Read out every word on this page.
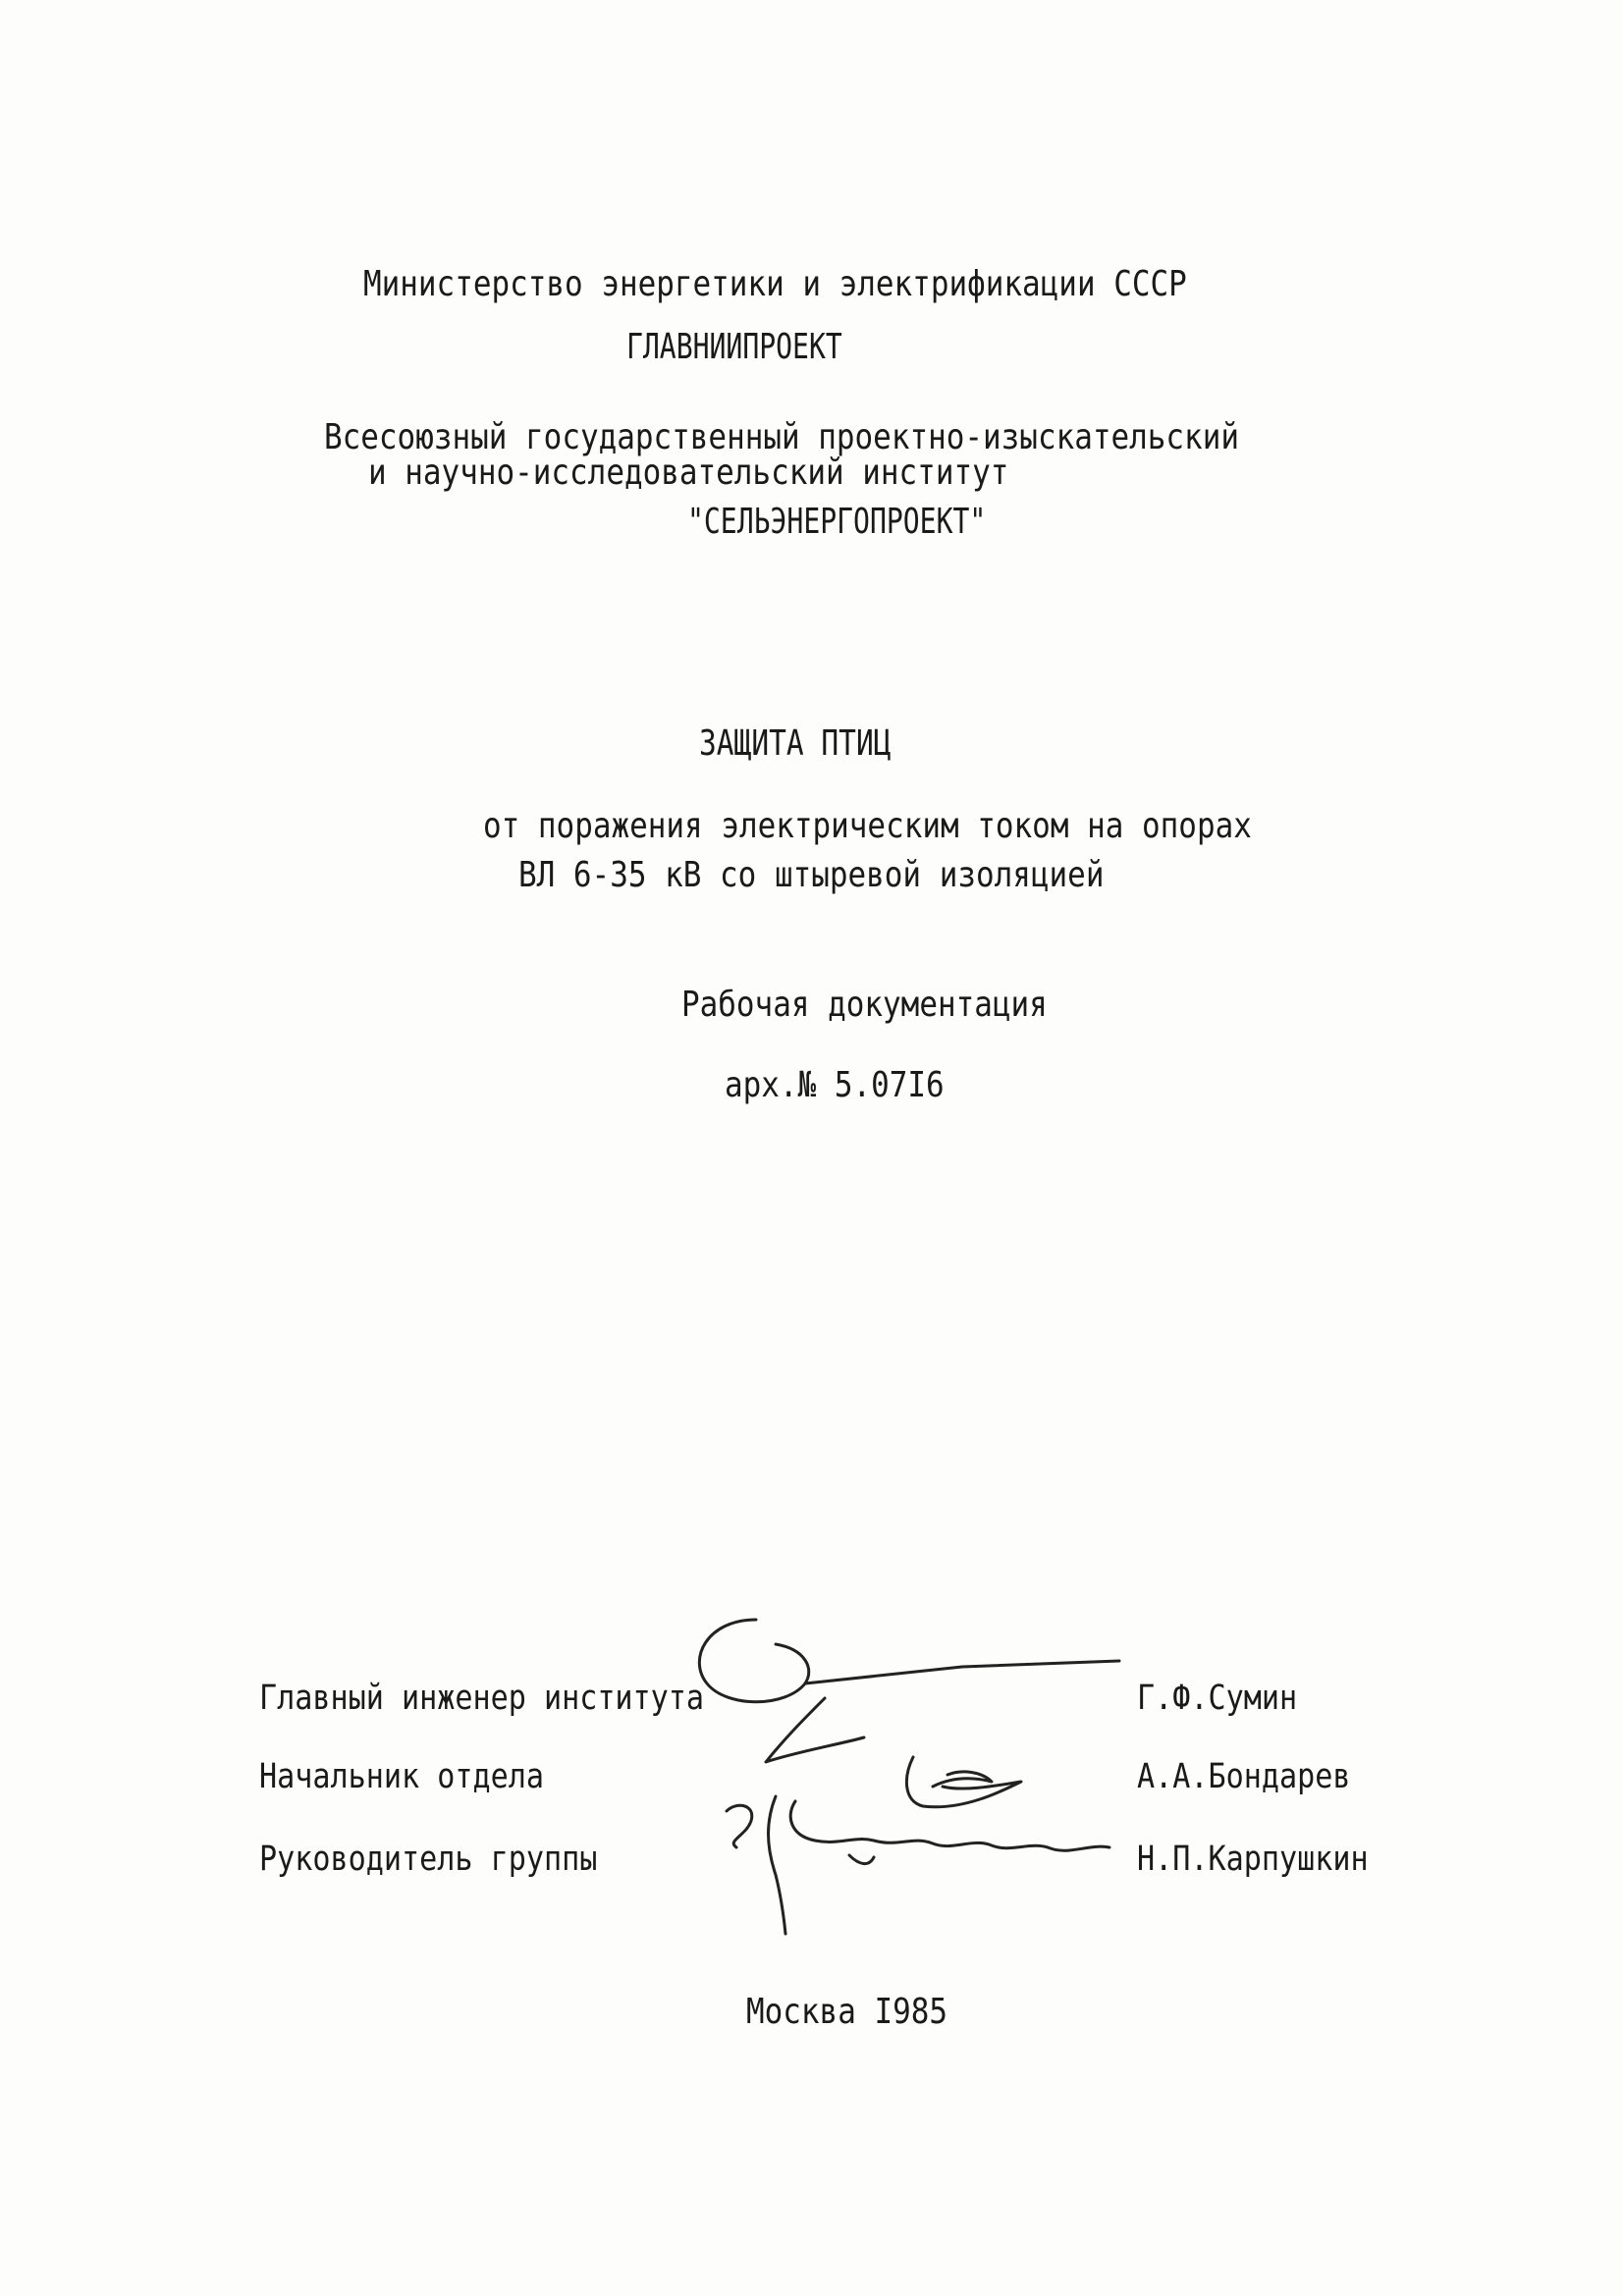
Министерство энергетики и электрификации СССР
ГЛАВНИИПРОЕКТ
Всесоюзный государственный проектно-изыскательский
и научно-исследовательский институт
"СЕЛЬЭНЕРГОПРОЕКТ"
ЗАЩИТА ПТИЦ
от поражения электрическим током на опорах
ВЛ 6-35 кВ со штыревой изоляцией
Рабочая документация
арх.№ 5.07I6
Главный инженер института
Начальник отдела
Руководитель группы
Г.Ф.Сумин
А.А.Бондарев
Н.П.Карпушкин
Москва I985
